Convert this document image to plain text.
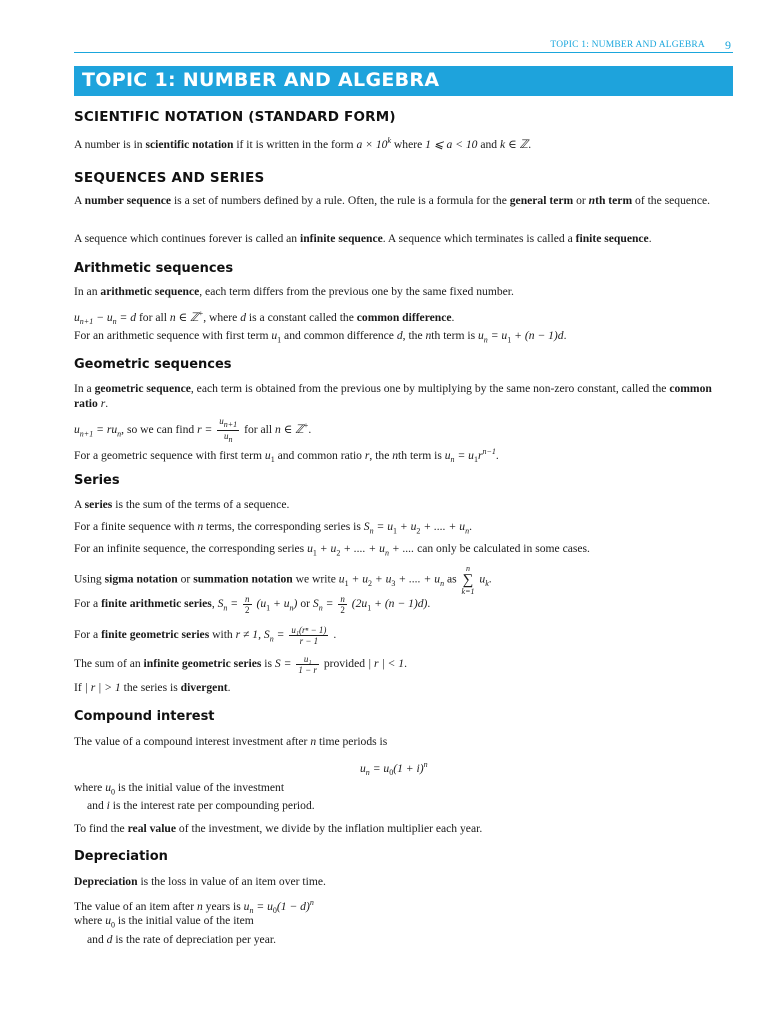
TOPIC 1: NUMBER AND ALGEBRA 9
TOPIC 1: NUMBER AND ALGEBRA
SCIENTIFIC NOTATION (STANDARD FORM)
A number is in scientific notation if it is written in the form $a \times 10^k$ where 1 ⩽ a < 10 and k ∈ ℤ.
SEQUENCES AND SERIES
A number sequence is a set of numbers defined by a rule. Often, the rule is a formula for the general term or nth term of the sequence.
A sequence which continues forever is called an infinite sequence. A sequence which terminates is called a finite sequence.
Arithmetic sequences
In an arithmetic sequence, each term differs from the previous one by the same fixed number.
$u_{n+1} - u_n = d$ for all n ∈ ℤ+, where d is a constant called the common difference.
For an arithmetic sequence with first term $u_1$ and common difference d, the nth term is $u_n = u_1 + (n - 1)d$.
Geometric sequences
In a geometric sequence, each term is obtained from the previous one by multiplying by the same non-zero constant, called the common ratio r.
$u_{n+1} = ru_n$, so we can find $r = \frac{u_{n+1}}{u_n}$ for all n ∈ ℤ+.
For a geometric sequence with first term $u_1$ and common ratio r, the nth term is $u_n = u_1r^{n-1}$.
Series
A series is the sum of the terms of a sequence.
For a finite sequence with n terms, the corresponding series is $S_n = u_1 + u_2$ + .... + $u_n$.
For an infinite sequence, the corresponding series $u_1 + u_2$ + .... + $u_n$ + .... can only be calculated in some cases.
Using sigma notation or summation notation we write $u_1 + u_2 + u_3$ + .... + $u_n$ as n
∑
k=1 $u_k$.
For a finite arithmetic series, $S_n = \frac{n}{2} (u_1 + u_n)$ or $S_n = \frac{n}{2} (2u_1 + (n - 1)d)$.
For a finite geometric series with r ≠ 1, $S_n = \frac{\text{u₁(rⁿ − 1)}}{r - 1}$ .
The sum of an infinite geometric series is $S = \frac{\text{u₁}}{1 - r}$ provided | r | < 1.
If | r | > 1 the series is divergent.
Compound interest
The value of a compound interest investment after n time periods is
$u_n = u_0(1 + i)^n$
where $u_0$ is the initial value of the investment
and i is the interest rate per compounding period.
To find the real value of the investment, we divide by the inflation multiplier each year.
Depreciation
Depreciation is the loss in value of an item over time.
The value of an item after n years is $u_n = u_0(1 - d)^n$
where $u_0$ is the initial value of the item
and d is the rate of depreciation per year.
